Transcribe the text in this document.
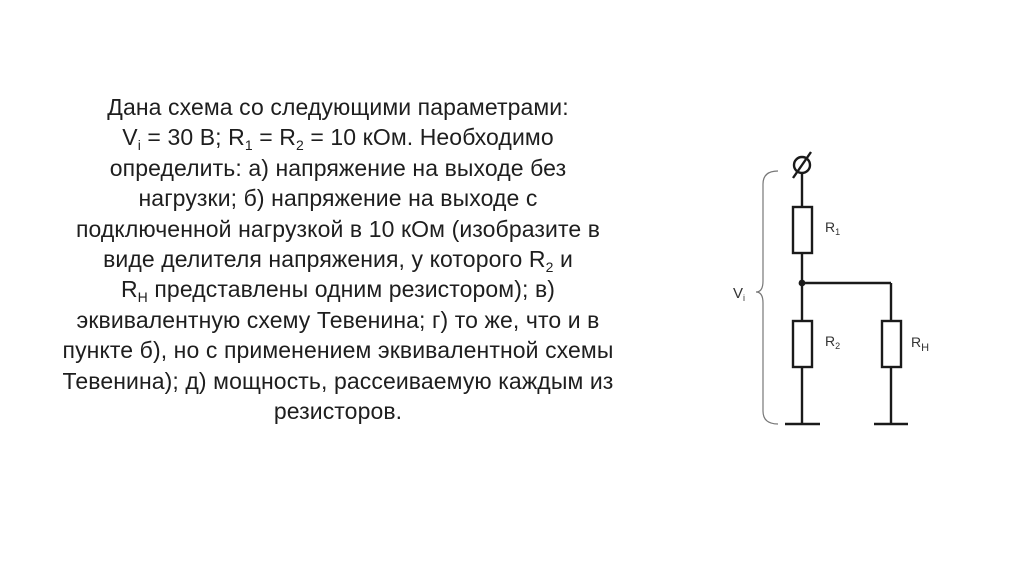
Дана схема со следующими параметрами:
$V_i = 30$ В; $R_1 = R_2 = 10$ кОм. Необходимо
определить: а) напряжение на выходе без
нагрузки; б) напряжение на выходе с
подключенной нагрузкой в 10 кОм (изобразите в
виде делителя напряжения, у которого $R_2$ и
$R_Н$ представлены одним резистором); в)
эквивалентную схему Тевенина; г) то же, что и в
пункте б), но с применением эквивалентной схемы
Тевенина); д) мощность, рассеиваемую каждым из
резисторов.
$R_1$
$R_2$	$R_Н$
$V_i$
